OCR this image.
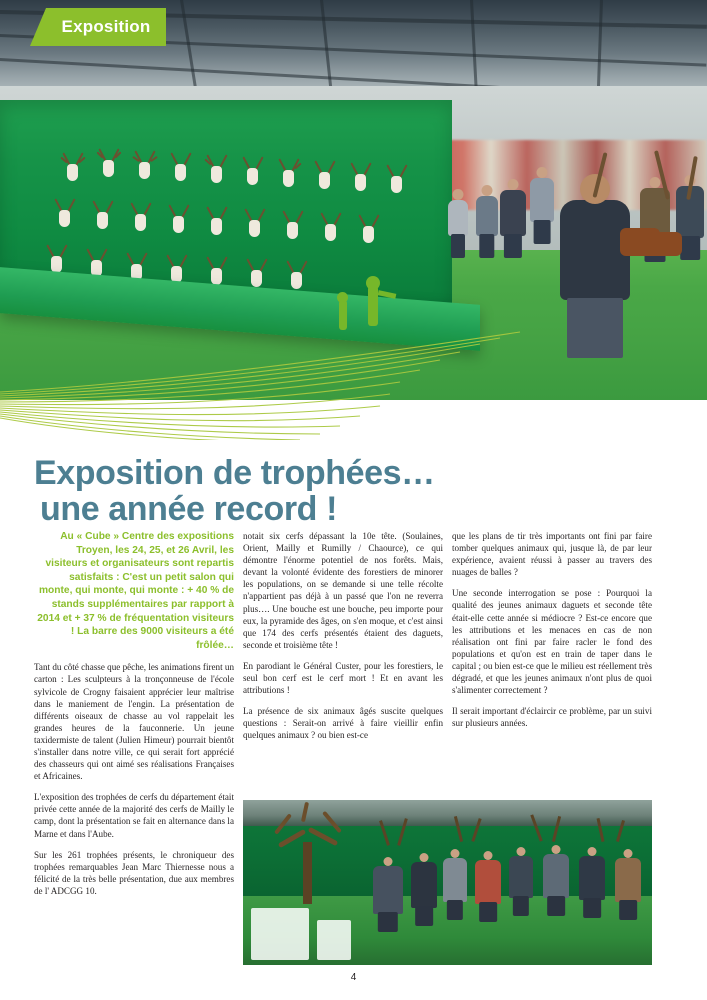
Exposition
Exposition de trophées…
une année record !

Au « Cube » Centre des expositions Troyen, les 24, 25, et 26 Avril, les visiteurs et organisateurs sont repartis satisfaits : C'est un petit salon qui monte, qui monte, qui monte : + 40 % de stands supplémentaires par rapport à 2014 et + 37 % de fréquentation visiteurs ! La barre des 9000 visiteurs a été frôlée…

Tant du côté chasse que pêche, les animations firent un carton : Les sculpteurs à la tronçonneuse de l'école sylvicole de Crogny faisaient apprécier leur maîtrise dans le maniement de l'engin. La présentation de différents oiseaux de chasse au vol rappelait les grandes heures de la fauconnerie. Un jeune taxidermiste de talent (Julien Himeur) pourrait bientôt s'installer dans notre ville, ce qui serait fort apprécié des chasseurs qui ont aimé ses réalisations Françaises et Africaines.

L'exposition des trophées de cerfs du département était privée cette année de la majorité des cerfs de Mailly le camp, dont la présentation se fait en alternance dans la Marne et dans l'Aube.

Sur les 261 trophées présents, le chroniqueur des trophées remarquables Jean Marc Thiernesse nous a félicité de la très belle présentation, due aux membres de l' ADCGG 10.

notait six cerfs dépassant la 10e tête. (Soulaines, Orient, Mailly et Rumilly / Chaource), ce qui démontre l'énorme potentiel de nos forêts. Mais, devant la volonté évidente des forestiers de minorer les populations, on se demande si une telle récolte n'appartient pas déjà à un passé que l'on ne reverra plus…. Une bouche est une bouche, peu importe pour eux, la pyramide des âges, on s'en moque, et c'est ainsi que 174 des cerfs présentés étaient des daguets, seconde et troisième tête !

En parodiant le Général Custer, pour les forestiers, le seul bon cerf est le cerf mort ! Et en avant les attributions !

La présence de six animaux âgés suscite quelques questions : Serait-on arrivé à faire vieillir enfin quelques animaux ? ou bien est-ce

que les plans de tir très importants ont fini par faire tomber quelques animaux qui, jusque là, de par leur expérience, avaient réussi à passer au travers des nuages de balles ?

Une seconde interrogation se pose : Pourquoi la qualité des jeunes animaux daguets et seconde tête était-elle cette année si médiocre ? Est-ce encore que les attributions et les menaces en cas de non réalisation ont fini par faire racler le fond des populations et qu'on est en train de taper dans le capital ; ou bien est-ce que le milieu est réellement très dégradé, et que les jeunes animaux n'ont plus de quoi s'alimenter correctement ?

Il serait important d'éclaircir ce problème, par un suivi sur plusieurs années.

4
